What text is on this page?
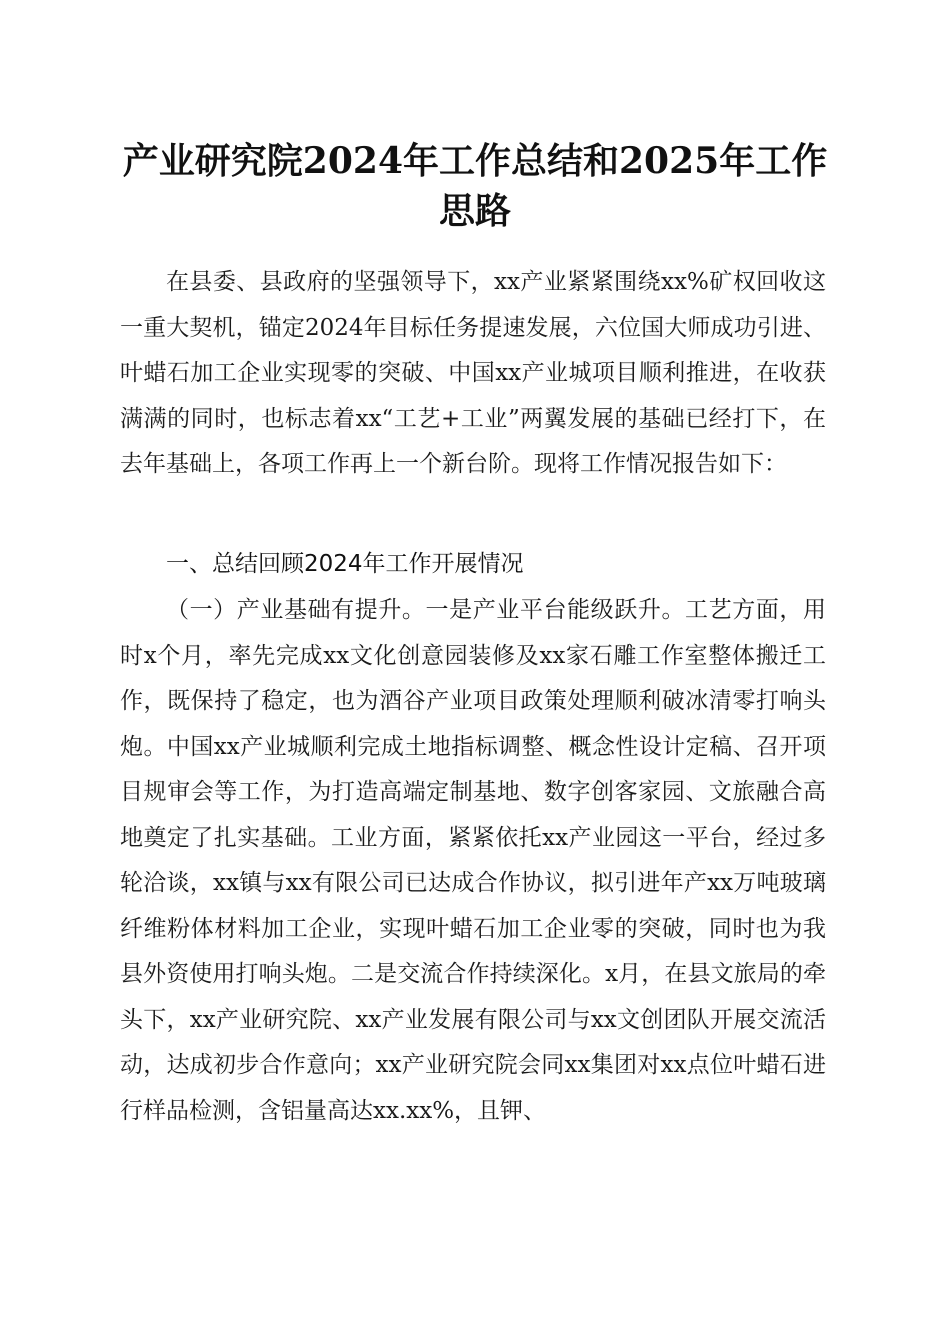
产业研究院2024年工作总结和2025年工作思路

在县委、县政府的坚强领导下，xx产业紧紧围绕xx%矿权回收这一重大契机，锚定2024年目标任务提速发展，六位国大师成功引进、叶蜡石加工企业实现零的突破、中国xx产业城项目顺利推进，在收获满满的同时，也标志着xx“工艺+工业”两翼发展的基础已经打下，在去年基础上，各项工作再上一个新台阶。现将工作情况报告如下：

一、总结回顾2024年工作开展情况

（一）产业基础有提升。一是产业平台能级跃升。工艺方面，用时x个月，率先完成xx文化创意园装修及xx家石雕工作室整体搬迁工作，既保持了稳定，也为酒谷产业项目政策处理顺利破冰清零打响头炮。中国xx产业城顺利完成土地指标调整、概念性设计定稿、召开项目规审会等工作，为打造高端定制基地、数字创客家园、文旅融合高地奠定了扎实基础。工业方面，紧紧依托xx产业园这一平台，经过多轮洽谈，xx镇与xx有限公司已达成合作协议，拟引进年产xx万吨玻璃纤维粉体材料加工企业，实现叶蜡石加工企业零的突破，同时也为我县外资使用打响头炮。二是交流合作持续深化。x月，在县文旅局的牵头下，xx产业研究院、xx产业发展有限公司与xx文创团队开展交流活动，达成初步合作意向；xx产业研究院会同xx集团对xx点位叶蜡石进行样品检测，含铝量高达xx.xx%，且钾、
